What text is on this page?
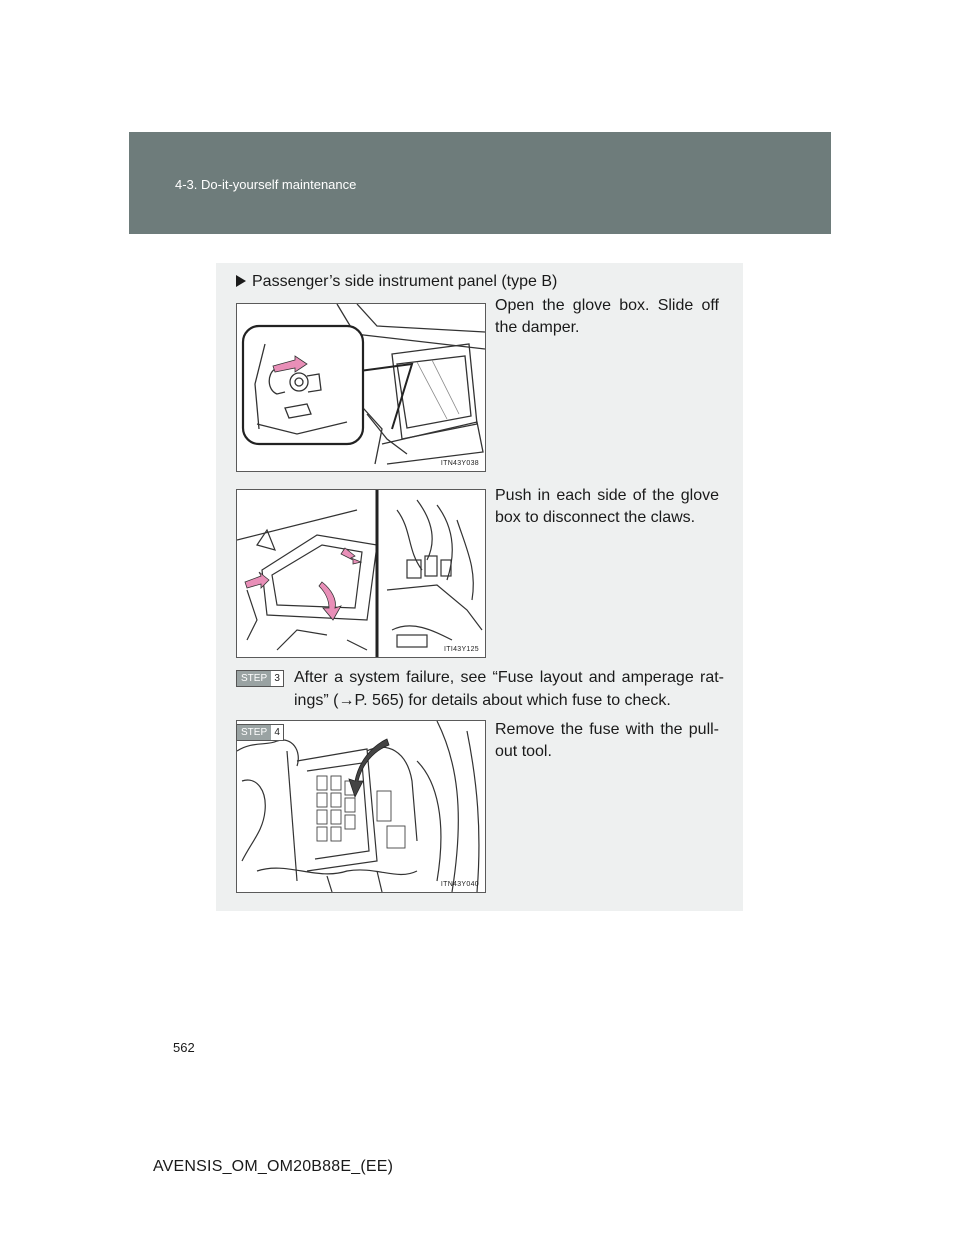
4-3. Do-it-yourself maintenance
Passenger’s side instrument panel (type B)
ITN43Y038
Open the glove box. Slide off the damper.
ITI43Y125
Push in each side of the glove box to disconnect the claws.
STEP 3 After a system failure, see “Fuse layout and amperage rat-
ings” (→P. 565) for details about which fuse to check.
ITN43Y040
STEP 4	Remove the fuse with the pull-out tool.
562
AVENSIS_OM_OM20B88E_(EE)
